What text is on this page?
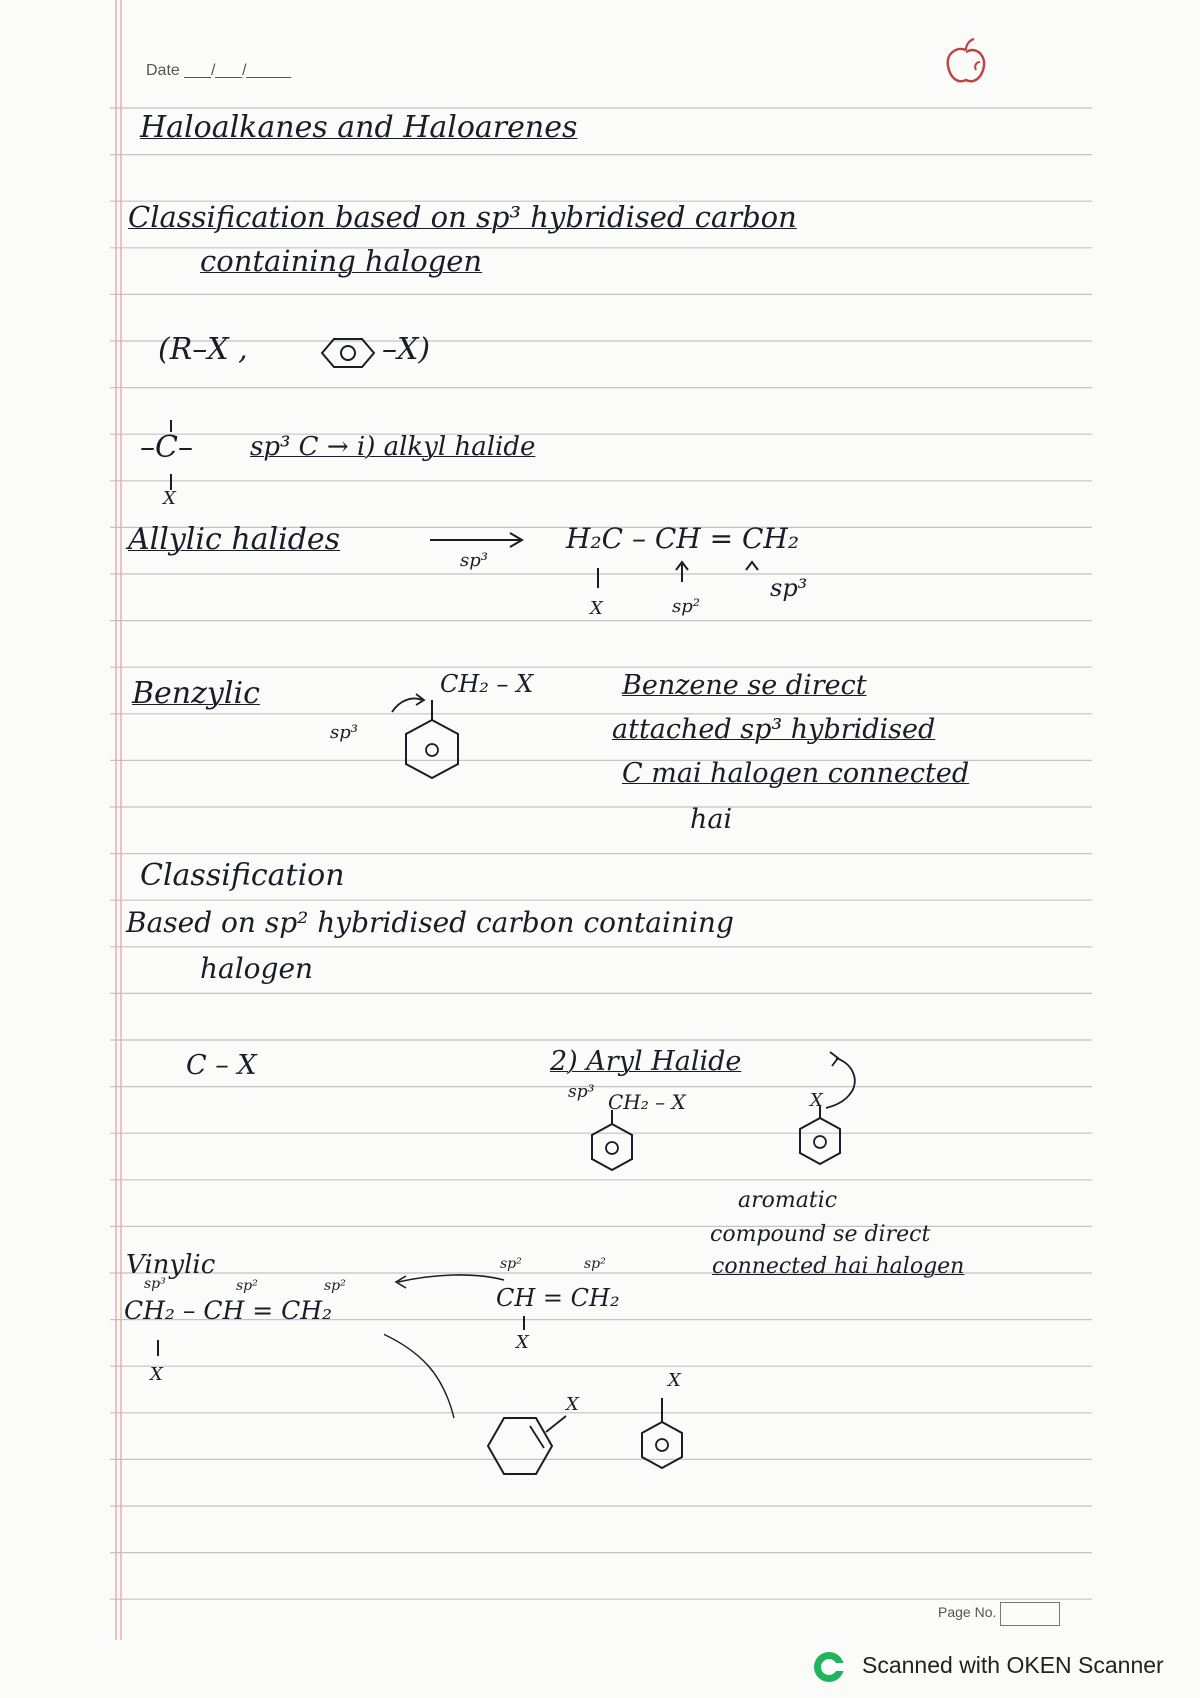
Date ___/___/_____
Haloalkanes and Haloarenes
Classification based on sp³ hybridised carbon
containing halogen
(R–X ,	–X)
–C–
X
sp³ C → i) alkyl halide
Allylic halides
sp³
H₂C – CH = CH₂
X	sp²
sp³
Benzylic
sp³
CH₂ – X	Benzene se direct
attached sp³ hybridised
C mai halogen connected
hai
Classification
Based on sp² hybridised carbon containing
halogen
C – X	2) Aryl Halide
sp³ CH₂ – X	X
aromatic
compound se direct
connected hai halogen
Vinylic
sp³	sp²	sp²
CH₂ – CH = CH₂
X
sp²	sp²
CH = CH₂
X
X
X
Page No.
Scanned with OKEN Scanner
